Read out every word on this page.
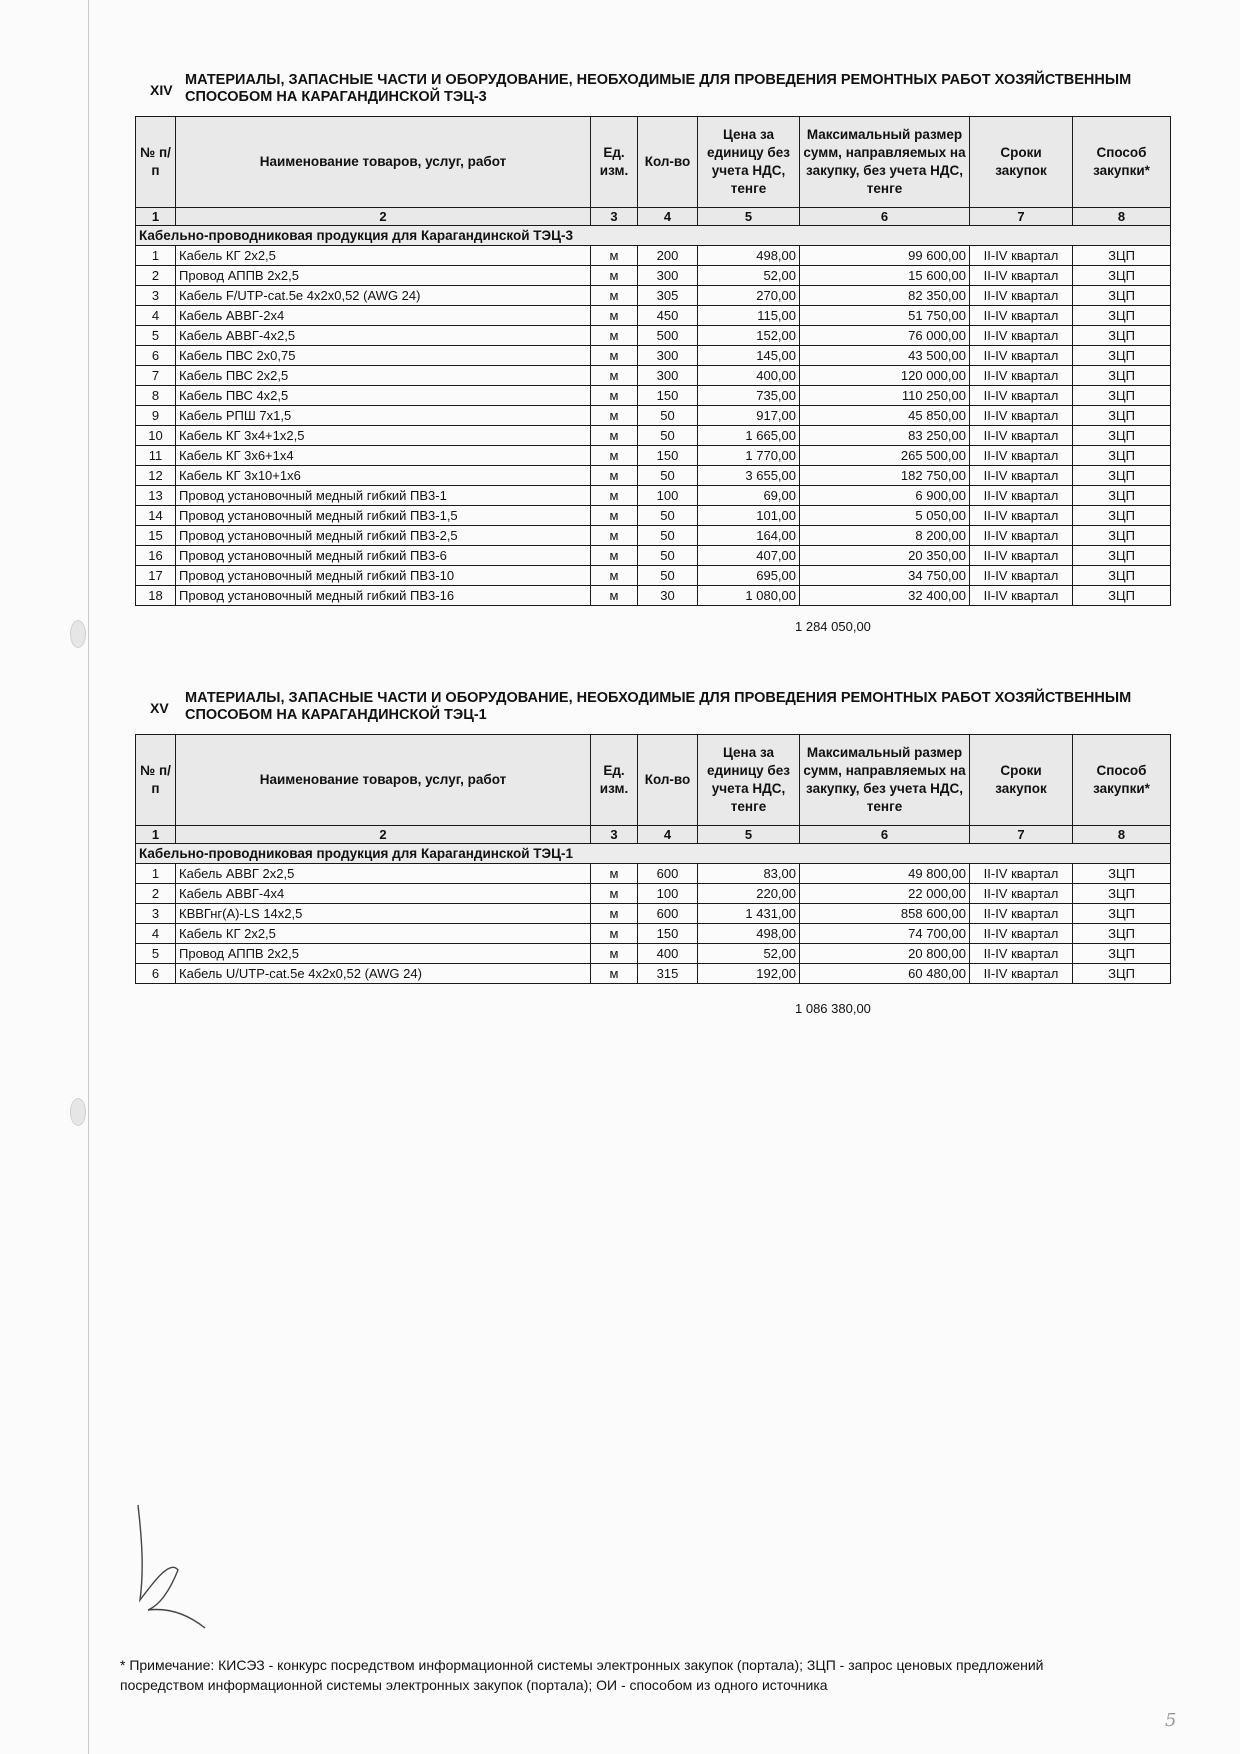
XIV
МАТЕРИАЛЫ, ЗАПАСНЫЕ ЧАСТИ И ОБОРУДОВАНИЕ, НЕОБХОДИМЫЕ ДЛЯ ПРОВЕДЕНИЯ РЕМОНТНЫХ РАБОТ ХОЗЯЙСТВЕННЫМ СПОСОБОМ НА КАРАГАНДИНСКОЙ ТЭЦ-3
№ п/п	Наименование товаров, услуг, работ	Ед. изм.	Кол-во	Цена за единицу без учета НДС, тенге	Максимальный размер сумм, направляемых на закупку, без учета НДС, тенге	Сроки закупок	Способ закупки*
1	2	3	4	5	6	7	8
Кабельно-проводниковая продукция для Карагандинской ТЭЦ-3							
1	Кабель КГ 2х2,5	м	200	498,00	99 600,00	II-IV квартал	ЗЦП
2	Провод АППВ 2х2,5	м	300	52,00	15 600,00	II-IV квартал	ЗЦП
3	Кабель F/UTP-cat.5e 4x2x0,52 (AWG 24)	м	305	270,00	82 350,00	II-IV квартал	ЗЦП
4	Кабель АВВГ-2х4	м	450	115,00	51 750,00	II-IV квартал	ЗЦП
5	Кабель АВВГ-4х2,5	м	500	152,00	76 000,00	II-IV квартал	ЗЦП
6	Кабель ПВС 2х0,75	м	300	145,00	43 500,00	II-IV квартал	ЗЦП
7	Кабель ПВС 2х2,5	м	300	400,00	120 000,00	II-IV квартал	ЗЦП
8	Кабель ПВС 4х2,5	м	150	735,00	110 250,00	II-IV квартал	ЗЦП
9	Кабель РПШ 7х1,5	м	50	917,00	45 850,00	II-IV квартал	ЗЦП
10	Кабель КГ 3х4+1х2,5	м	50	1 665,00	83 250,00	II-IV квартал	ЗЦП
11	Кабель КГ 3х6+1х4	м	150	1 770,00	265 500,00	II-IV квартал	ЗЦП
12	Кабель КГ 3х10+1х6	м	50	3 655,00	182 750,00	II-IV квартал	ЗЦП
13	Провод установочный медный гибкий ПВ3-1	м	100	69,00	6 900,00	II-IV квартал	ЗЦП
14	Провод установочный медный гибкий ПВ3-1,5	м	50	101,00	5 050,00	II-IV квартал	ЗЦП
15	Провод установочный медный гибкий ПВ3-2,5	м	50	164,00	8 200,00	II-IV квартал	ЗЦП
16	Провод установочный медный гибкий ПВ3-6	м	50	407,00	20 350,00	II-IV квартал	ЗЦП
17	Провод установочный медный гибкий ПВ3-10	м	50	695,00	34 750,00	II-IV квартал	ЗЦП
18	Провод установочный медный гибкий ПВ3-16	м	30	1 080,00	32 400,00	II-IV квартал	ЗЦП
1 284 050,00
XV
МАТЕРИАЛЫ, ЗАПАСНЫЕ ЧАСТИ И ОБОРУДОВАНИЕ, НЕОБХОДИМЫЕ ДЛЯ ПРОВЕДЕНИЯ РЕМОНТНЫХ РАБОТ ХОЗЯЙСТВЕННЫМ СПОСОБОМ НА КАРАГАНДИНСКОЙ ТЭЦ-1
№ п/п	Наименование товаров, услуг, работ	Ед. изм.	Кол-во	Цена за единицу без учета НДС, тенге	Максимальный размер сумм, направляемых на закупку, без учета НДС, тенге	Сроки закупок	Способ закупки*
1	2	3	4	5	6	7	8
Кабельно-проводниковая продукция для Карагандинской ТЭЦ-1							
1	Кабель АВВГ 2х2,5	м	600	83,00	49 800,00	II-IV квартал	ЗЦП
2	Кабель АВВГ-4х4	м	100	220,00	22 000,00	II-IV квартал	ЗЦП
3	КВВГнг(А)-LS 14х2,5	м	600	1 431,00	858 600,00	II-IV квартал	ЗЦП
4	Кабель КГ 2х2,5	м	150	498,00	74 700,00	II-IV квартал	ЗЦП
5	Провод АППВ 2х2,5	м	400	52,00	20 800,00	II-IV квартал	ЗЦП
6	Кабель U/UTP-cat.5e 4x2x0,52 (AWG 24)	м	315	192,00	60 480,00	II-IV квартал	ЗЦП
1 086 380,00
* Примечание: КИСЭЗ - конкурс посредством информационной системы электронных закупок (портала); ЗЦП - запрос ценовых предложений посредством информационной системы электронных закупок (портала); ОИ - способом из одного источника
5
